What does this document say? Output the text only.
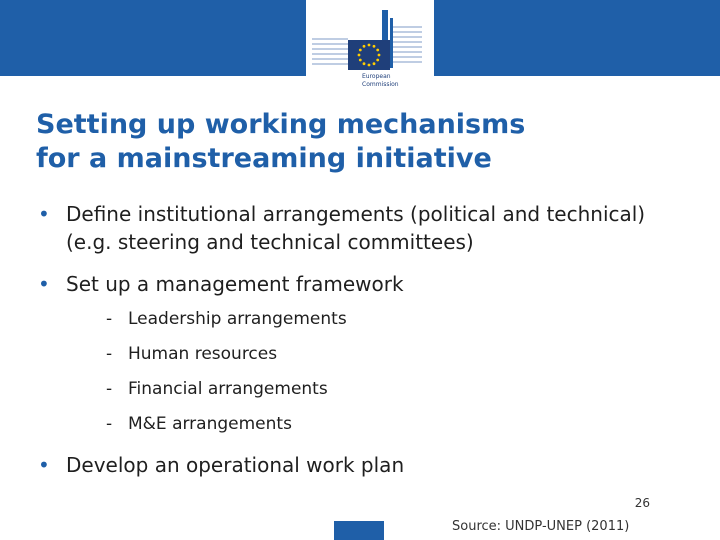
European
Commission
Setting up working mechanisms
for a mainstreaming initiative
• Define institutional arrangements (political and technical) (e.g. steering and technical committees)
• Set up a management framework
- Leadership arrangements
- Human resources
- Financial arrangements
- M&E arrangements
• Develop an operational work plan
26
Source: UNDP-UNEP (2011)
